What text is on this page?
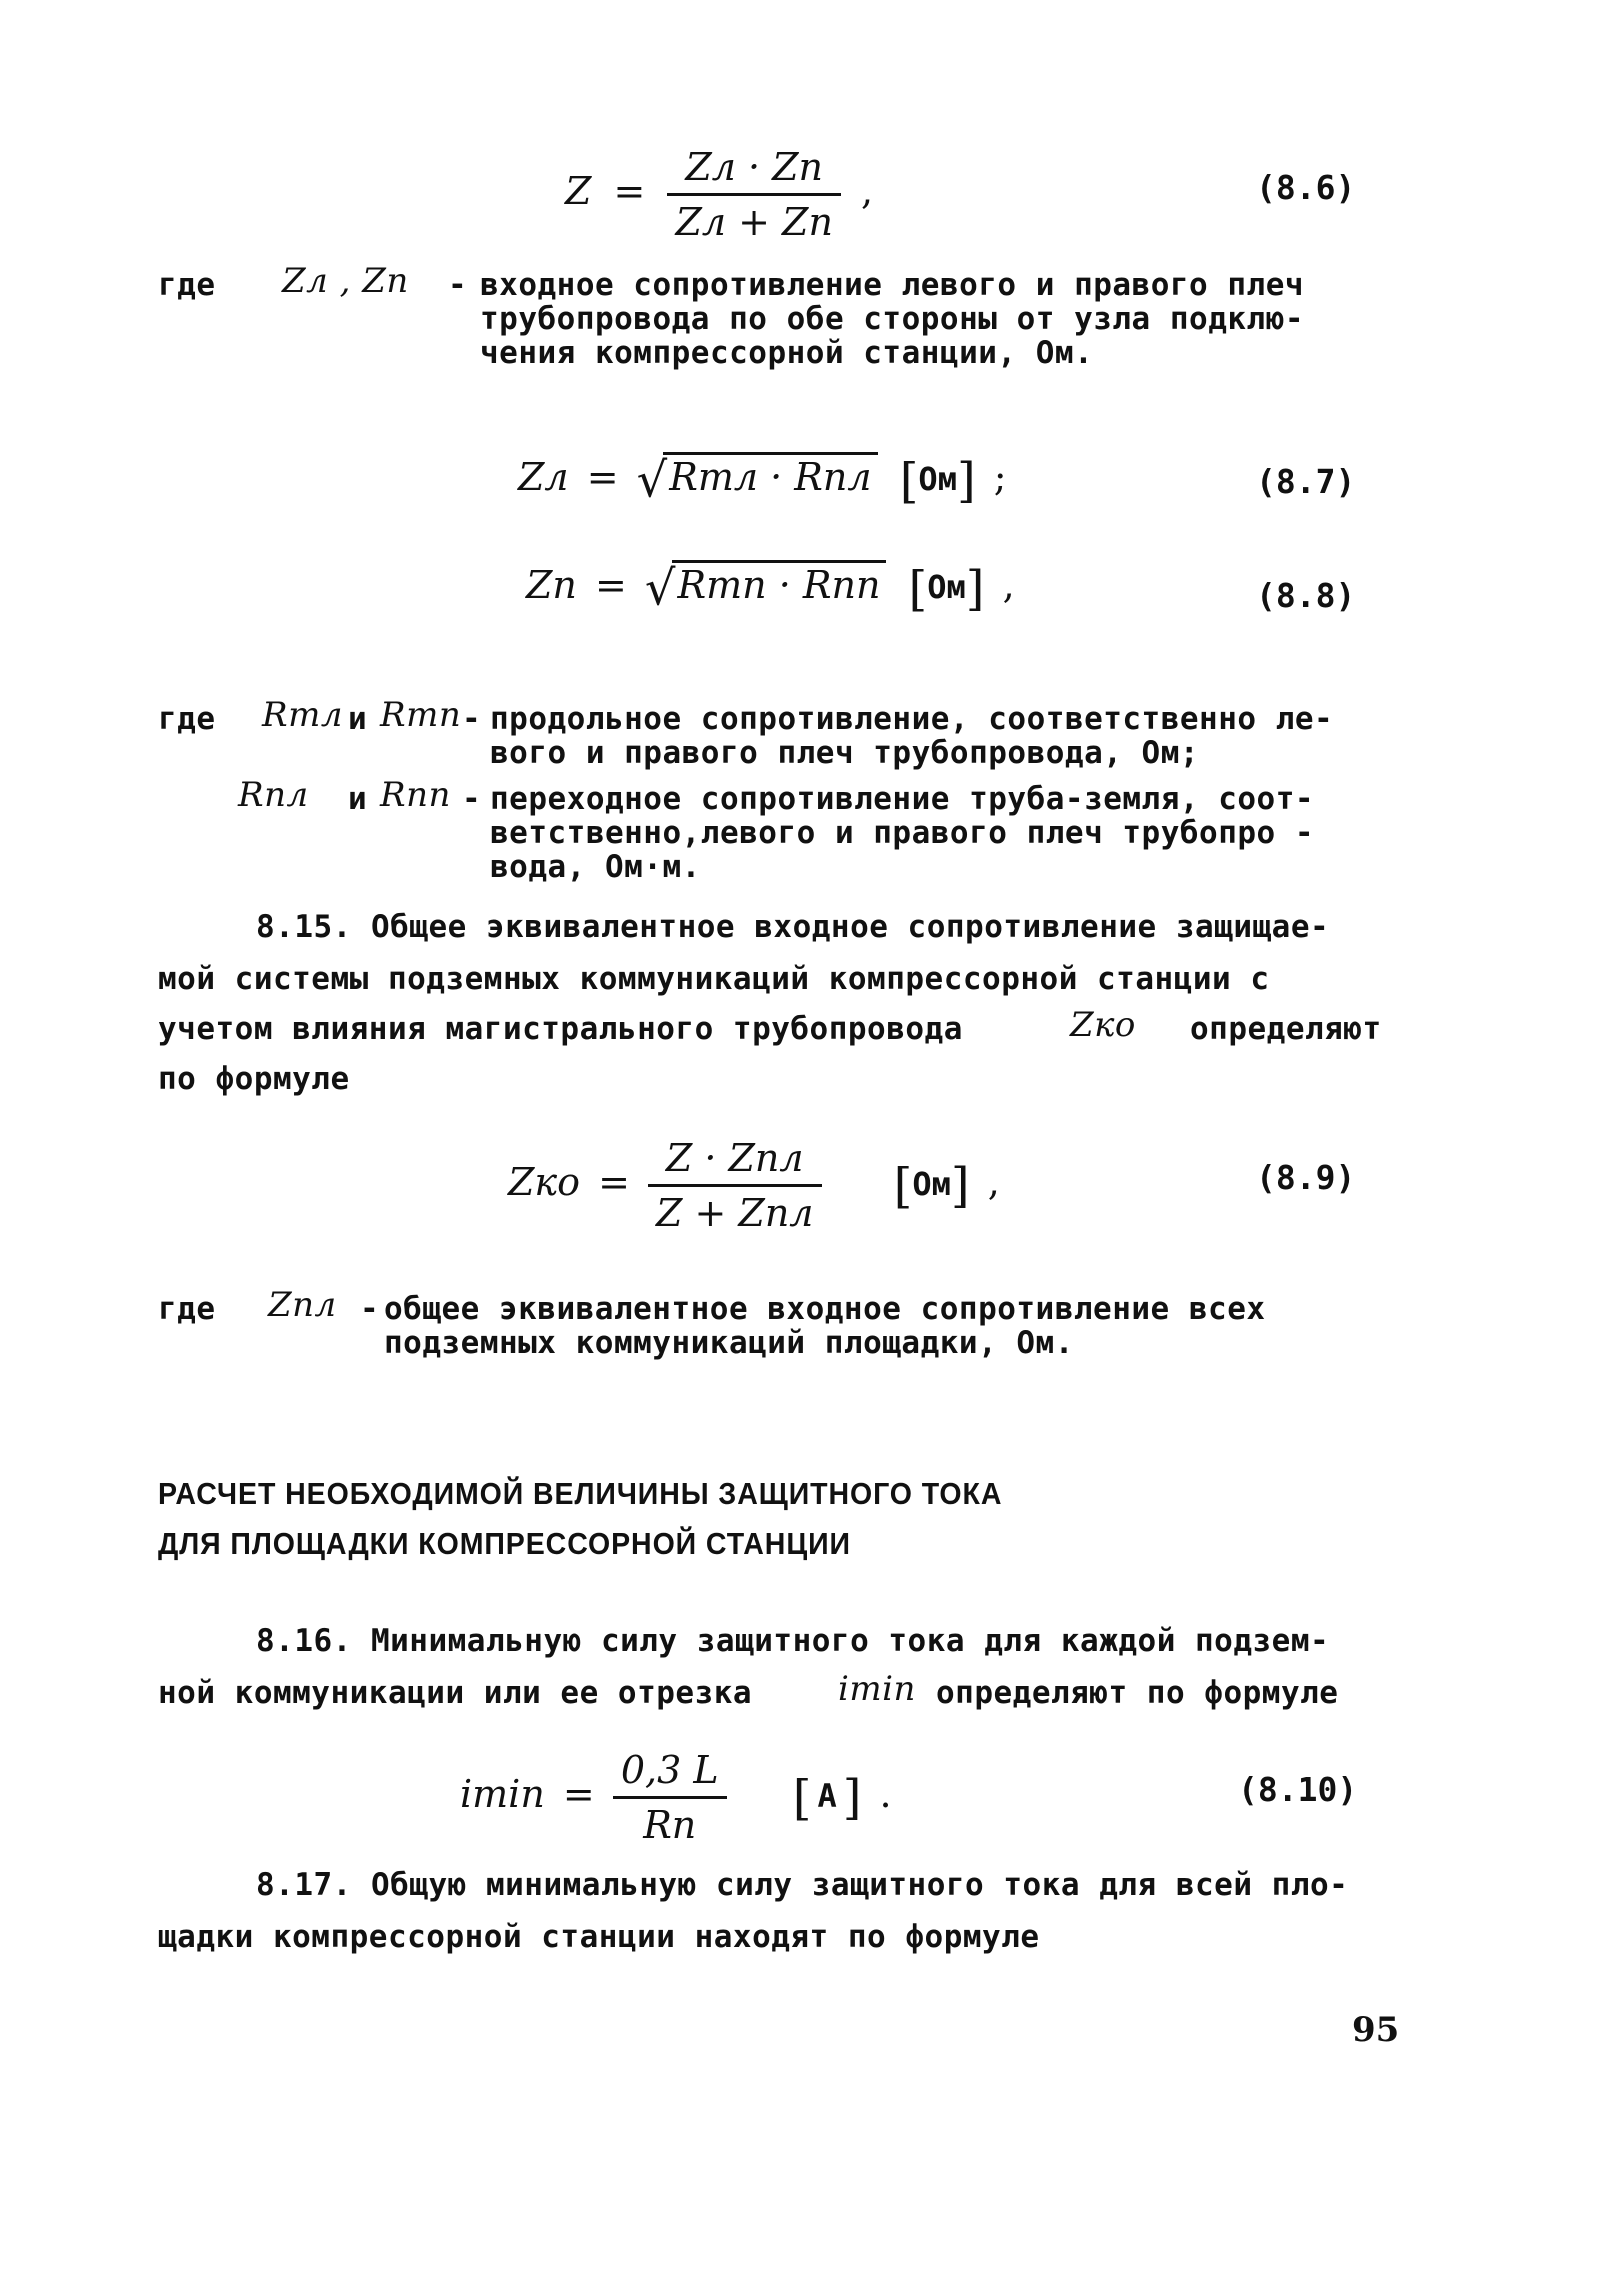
$Z = \frac{Zл \cdot Zп}{Zл + Zп}$ ,	(8.6)
где Zл , Zп - входное сопротивление левого и правого плеч
трубопровода по обе стороны от узла подклю-
чения компрессорной станции, Ом.
Zл = √Rтл · Rпл [Ом] ;	(8.7)
Zп = √Rтп · Rпп [Ом] ,	(8.8)
где Rтл и Rтп - продольное сопротивление, соответственно ле-
вого и правого плеч трубопровода, Ом;
Rпл и Rпп - переходное сопротивление труба-земля, соот-
ветственно,левого и правого плеч трубопро -
вода, Ом·м.
8.15. Общее эквивалентное входное сопротивление защищае-
мой системы подземных коммуникаций компрессорной станции с
учетом влияния магистрального трубопровода	Zко определяют
по формуле
Zко = $\frac{\text{Z · Zпл}}{\text{Z + Zпл}} [Ом]$ ,	(8.9)
где Zпл - общее эквивалентное входное сопротивление всех
подземных коммуникаций площадки, Ом.
РАСЧЕТ НЕОБХОДИМОЙ ВЕЛИЧИНЫ ЗАЩИТНОГО ТОКА
ДЛЯ ПЛОЩАДКИ КОМПРЕССОРНОЙ СТАНЦИИ
8.16. Минимальную силу защитного тока для каждой подзем-
ной коммуникации или ее отрезка	imin определяют по формуле
$imin = \frac{0,3 L}{Rп}$ [ А ] .	(8.10)
8.17. Общую минимальную силу защитного тока для всей пло-
щадки компрессорной станции находят по формуле
95
